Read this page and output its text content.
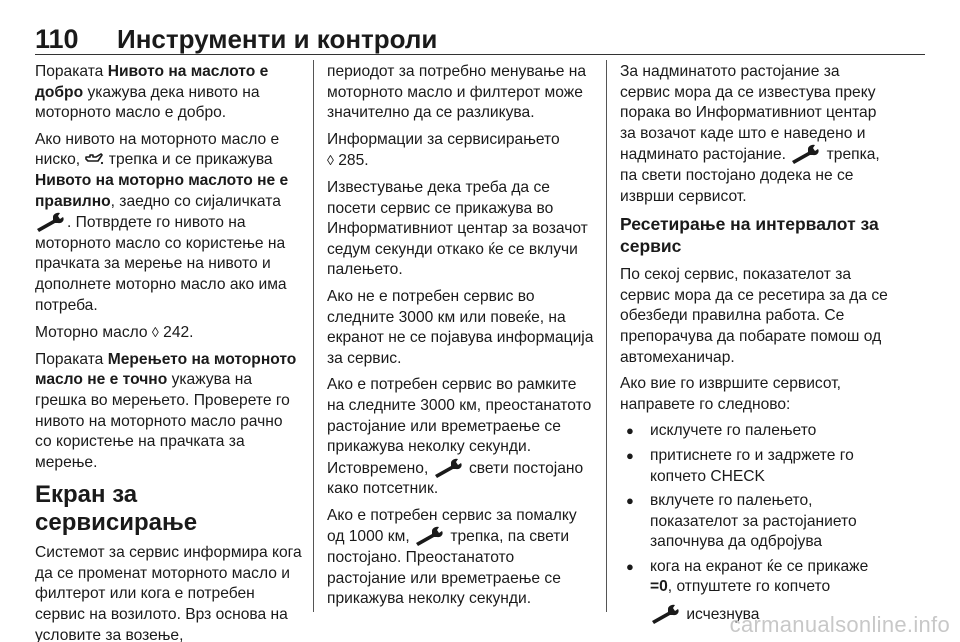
110	Инструменти и контроли

Пораката Нивото на маслото е добро укажува дека нивото на моторното масло е добро.

Ако нивото на моторното масло е ниско,  трепка и се прикажува Нивото на моторно маслото не е правилно, заедно со сијаличката . Потврдете го нивото на моторното масло со користење на прачката за мерење на нивото и дополнете моторно масло ако има потреба.

Моторно масло ◊ 242.

Пораката Мерењето на моторното масло не е точно укажува на грешка во мерењето. Проверете го нивото на моторното масло рачно со користење на прачката за мерење.

Екран за сервисирање

Системот за сервис информира кога да се променат моторното масло и филтерот или кога е потребен сервис на возилото. Врз основа на условите за возење,

периодот за потребно менување на моторното масло и филтерот може значително да се разликува.

Информации за сервисирањето
◊ 285.

Известување дека треба да се посети сервис се прикажува во Информативниот центар за возачот седум секунди откако ќе се вклучи палењето.

Ако не е потребен сервис во следните 3000 км или повеќе, на екранот не се појавува информација за сервис.

Ако е потребен сервис во рамките на следните 3000 км, преостанатото растојание или времетраење се прикажува неколку секунди. Истовремено,  свети постојано како потсетник.

Ако е потребен сервис за помалку од 1000 км,  трепка, па свети постојано. Преостанатото растојание или времетраење се прикажува неколку секунди.

За надминатото растојание за сервис мора да се известува преку порака во Информативниот центар за возачот каде што е наведено и надминато растојание.  трепка, па свети постојано додека не се изврши сервисот.

Ресетирање на интервалот за сервис

По секој сервис, показателот за сервис мора да се ресетира за да се обезбеди правилна работа. Се препорачува да побарате помош од автомеханичар.

Ако вие го извршите сервисот, направете го следново:

● исклучете го палењето
● притиснете го и задржете го копчето CHECK
● вклучете го палењето, показателот за растојанието започнува да одбројува
● кога на екранот ќе се прикаже =0, отпуштете го копчето
исчезнува
carmanualsonline.info
